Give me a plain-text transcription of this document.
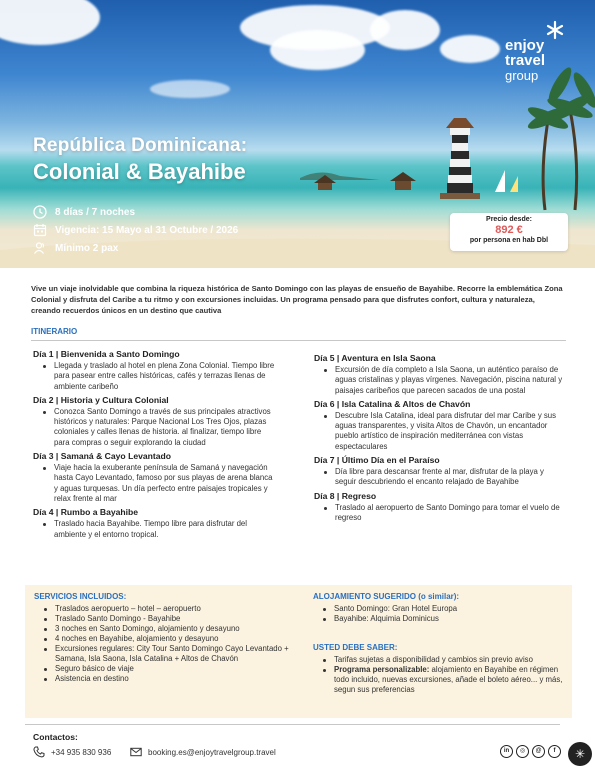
República Dominicana:
Colonial & Bayahibe
8 días / 7 noches
Vigencia: 15 Mayo al 31 Octubre / 2026
Mínimo 2 pax
enjoy
travel
group
Precio desde:
892 €
por persona en hab Dbl
Vive un viaje inolvidable que combina la riqueza histórica de Santo Domingo con las playas de ensueño de Bayahibe. Recorre la emblemática Zona Colonial y disfruta del Caribe a tu ritmo y con excursiones incluidas. Un programa pensado para que disfrutes confort, cultura y naturaleza, creando recuerdos únicos en un destino que cautiva
ITINERARIO
Día 1 | Bienvenida a Santo Domingo
Llegada y traslado al hotel en plena Zona Colonial. Tiempo libre para pasear entre calles históricas, cafés y terrazas llenas de ambiente caribeño
Día 2 | Historia y Cultura Colonial
Conozca Santo Domingo a través de sus principales atractivos históricos y naturales: Parque Nacional Los Tres Ojos, plazas coloniales y calles llenas de historia. al finalizar, tiempo libre para compras o seguir explorando la ciudad
Día 3 | Samaná & Cayo Levantado
Viaje hacia la exuberante península de Samaná y navegación hasta Cayo Levantado, famoso por sus playas de arena blanca y aguas turquesas. Un día perfecto entre paisajes tropicales y relax frente al mar
Día 4 | Rumbo a Bayahibe
Traslado hacia Bayahibe. Tiempo libre para disfrutar del ambiente y el entorno tropical.
Día 5 | Aventura en Isla Saona
Excursión de día completo a Isla Saona, un auténtico paraíso de aguas cristalinas y playas vírgenes. Navegación, piscina natural y paisajes caribeños que parecen sacados de una postal
Día 6 | Isla Catalina & Altos de Chavón
Descubre Isla Catalina, ideal para disfrutar del mar Caribe y sus aguas transparentes, y visita Altos de Chavón, un encantador pueblo artístico de inspiración mediterránea con vistas espectaculares
Día 7 | Último Día en el Paraíso
Día libre para descansar frente al mar, disfrutar de la playa y seguir descubriendo el encanto relajado de Bayahibe
Día 8 | Regreso
Traslado al aeropuerto de Santo Domingo para tomar el vuelo de regreso
SERVICIOS INCLUIDOS:
Traslados aeropuerto – hotel – aeropuerto
Traslado Santo Domingo - Bayahibe
3 noches en Santo Domingo, alojamiento y desayuno
4 noches en Bayahibe, alojamiento y desayuno
Excursiones regulares: City Tour Santo Domingo Cayo Levantado + Samana, Isla Saona, Isla Catalina + Altos de Chavón
Seguro básico de viaje
Asistencia en destino
ALOJAMIENTO SUGERIDO (o similar):
Santo Domingo: Gran Hotel Europa
Bayahibe: Alquimia Dominicus
USTED DEBE SABER:
Tarifas sujetas a disponibilidad y cambios sin previo aviso
Programa personalizable: alojamiento en Bayahibe en régimen todo incluido, nuevas excursiones, añade el boleto aéreo... y más, segun sus preferencias
Contactos:
+34 935 830 936	booking.es@enjoytravelgroup.travel	in	◎	@	f	✳
